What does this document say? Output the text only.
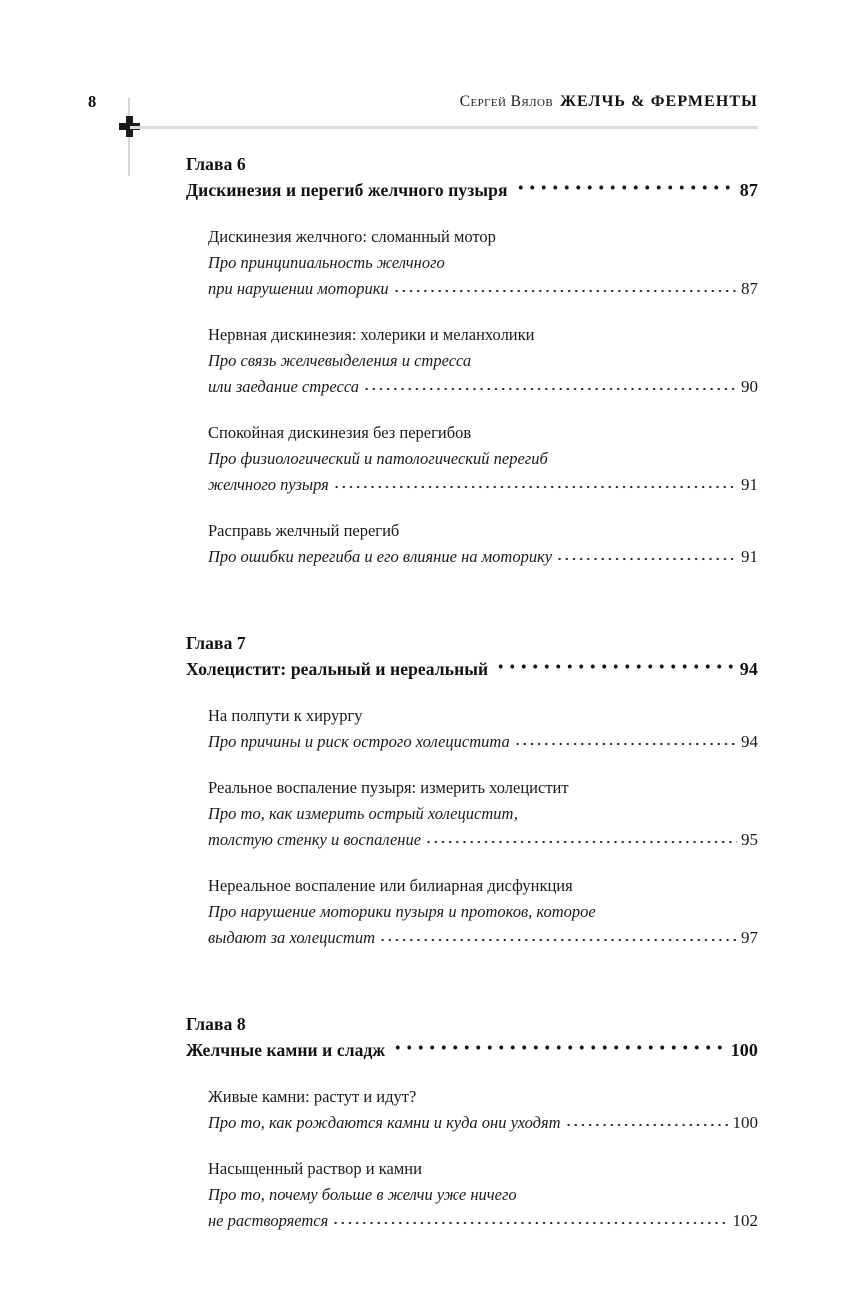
8	Сергей Вялов ЖЕЛЧЬ & ФЕРМЕНТЫ
Глава 6
Дискинезия и перегиб желчного пузыря	87
Дискинезия желчного: сломанный мотор
Про принципиальность желчного
при нарушении моторики	87
Нервная дискинезия: холерики и меланхолики
Про связь желчевыделения и стресса
или заедание стресса	90
Спокойная дискинезия без перегибов
Про физиологический и патологический перегиб
желчного пузыря	91
Расправь желчный перегиб
Про ошибки перегиба и его влияние на моторику	91
Глава 7
Холецистит: реальный и нереальный	94
На полпути к хирургу
Про причины и риск острого холецистита	94
Реальное воспаление пузыря: измерить холецистит
Про то, как измерить острый холецистит,
толстую стенку и воспаление	95
Нереальное воспаление или билиарная дисфункция
Про нарушение моторики пузыря и протоков, которое
выдают за холецистит	97
Глава 8
Желчные камни и сладж	100
Живые камни: растут и идут?
Про то, как рождаются камни и куда они уходят	100
Насыщенный раствор и камни
Про то, почему больше в желчи уже ничего
не растворяется	102
